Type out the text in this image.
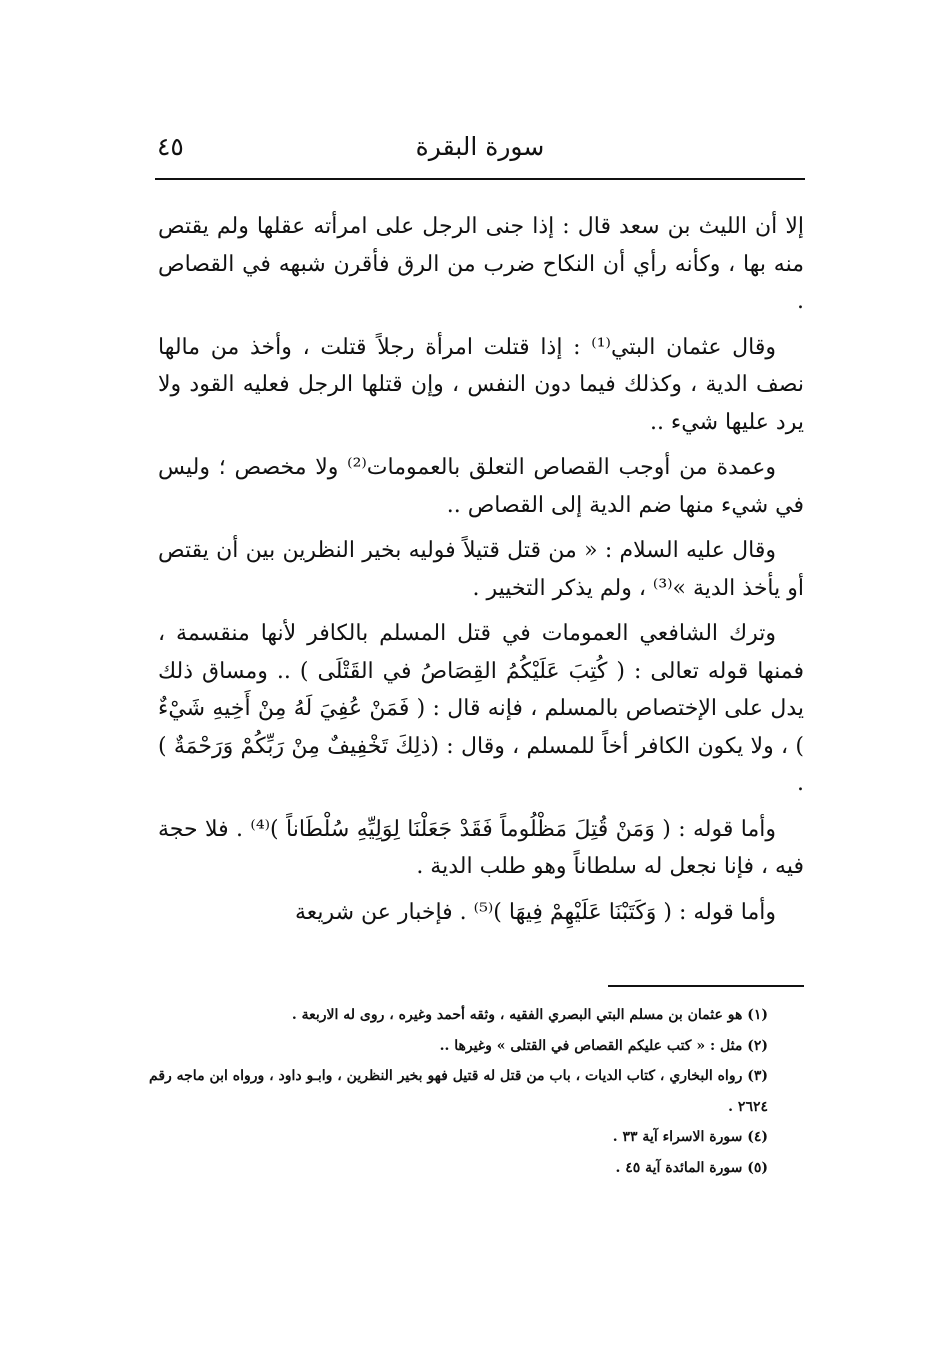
سورة البقرة
٤٥

إلا أن الليث بن سعد قال : إذا جنى الرجل على امرأته عقلها ولم يقتص منه بها ، وكأنه رأي أن النكاح ضرب من الرق فأقرن شبهه في القصاص .

وقال عثمان البتي⁽¹⁾ : إذا قتلت امرأة رجلاً قتلت ، وأخذ من مالها نصف الدية ، وكذلك فيما دون النفس ، وإن قتلها الرجل فعليه القود ولا يرد عليها شيء ..

وعمدة من أوجب القصاص التعلق بالعمومات⁽²⁾ ولا مخصص ؛ وليس في شيء منها ضم الدية إلى القصاص ..

وقال عليه السلام : « من قتل قتيلاً فوليه بخير النظرين بين أن يقتص أو يأخذ الدية »⁽³⁾ ، ولم يذكر التخيير .

وترك الشافعي العمومات في قتل المسلم بالكافر لأنها منقسمة ، فمنها قوله تعالى : ( كُتِبَ عَلَيْكُمُ القِصَاصُ في القَتْلَى ) .. ومساق ذلك يدل على الإختصاص بالمسلم ، فإنه قال : ( فَمَنْ عُفِيَ لَهُ مِنْ أَخِيهِ شَيْءٌ ) ، ولا يكون الكافر أخاً للمسلم ، وقال : (ذلِكَ تَخْفِيفٌ مِنْ رَبِّكُمْ وَرَحْمَةٌ ) .

وأما قوله : ( وَمَنْ قُتِلَ مَظْلُوماً فَقَدْ جَعَلْنَا لِوَلِيِّهِ سُلْطَاناً )⁽⁴⁾ . فلا حجة فيه ، فإنا نجعل له سلطاناً وهو طلب الدية .

وأما قوله : ( وَكَتَبْنَا عَلَيْهِمْ فِيهَا )⁽⁵⁾ . فإخبار عن شريعة

(١) هو عثمان بن مسلم البتي البصري الفقيه ، وثقه أحمد وغيره ، روى له الاربعة .

(٢) مثل : « كتب عليكم القصاص في القتلى » وغيرها ..

(٣) رواه البخاري ، كتاب الديات ، باب من قتل له قتيل فهو بخير النظرين ، وابـو داود ، ورواه ابن ماجه رقم ٢٦٢٤ .

(٤) سورة الاسراء آية ٣٣ .

(٥) سورة المائدة آية ٤٥ .
